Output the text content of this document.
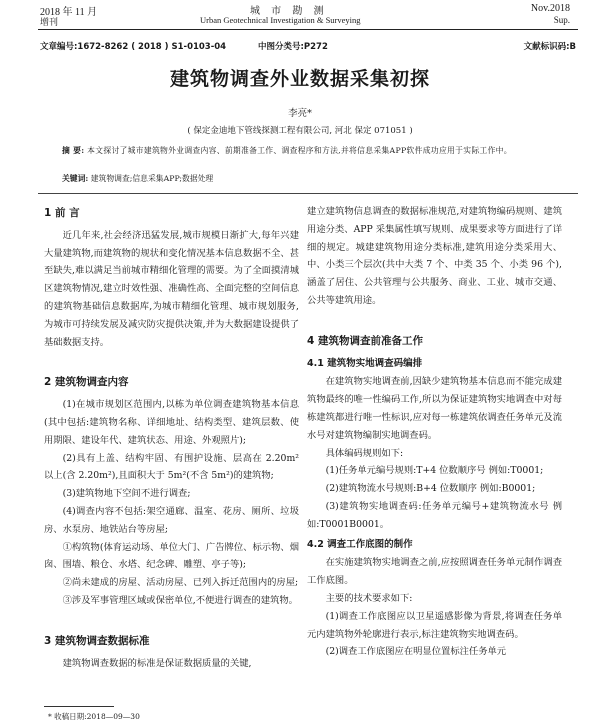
2018 年 11 月
增刊
城 市 勘 测
Urban Geotechnical Investigation & Surveying
Nov.2018
Sup.
文章编号:1672-8262 ( 2018 ) S1-0103-04	中图分类号:P272	文献标识码:B
建筑物调查外业数据采集初探
李亮*
( 保定金迪地下管线探测工程有限公司, 河北 保定 071051 )
摘 要: 本文探讨了城市建筑物外业调查内容、前期准备工作、调查程序和方法,并将信息采集APP软件成功应用于实际工作中。
关键词: 建筑物调查;信息采集APP;数据处理
1 前 言

近几年来,社会经济迅猛发展,城市规模日渐扩大,每年兴建大量建筑物,而建筑物的规状和变化情况基本信息数据不全、甚至缺失,难以满足当前城市精细化管理的需要。为了全面摸清城区建筑物情况,建立时效性强、准确性高、全面完整的空间信息的建筑物基础信息数据库,为城市精细化管理、城市规划服务,为城市可持续发展及减灾防灾提供决策,并为大数据建设提供了基础数据支持。

2 建筑物调查内容

(1)在城市规划区范围内,以栋为单位调查建筑物基本信息(其中包括:建筑物名称、详细地址、结构类型、建筑层数、使用期限、建设年代、建筑状态、用途、外观照片);

(2)具有上盖、结构牢固、有围护设施、层高在 2.20m² 以上(含 2.20m²),且面积大于 5m²(不含 5m²)的建筑物;

(3)建筑物地下空间不进行调查;

(4)调查内容不包括:架空通廊、温室、花房、厕所、垃圾房、水泵房、地铁站台等房屋;

①构筑物(体育运动场、单位大门、广告牌位、标示物、烟囱、围墙、粮仓、水塔、纪念碑、雕塑、亭子等);

②尚未建成的房屋、活动房屋、已列入拆迁范围内的房屋;

③涉及军事管理区域或保密单位,不便进行调查的建筑物。

3 建筑物调查数据标准

建筑物调查数据的标准是保证数据质量的关键,

建立建筑物信息调查的数据标准规范,对建筑物编码规则、建筑用途分类、APP 采集属性填写规则、成果要求等方面进行了详细的规定。城建建筑物用途分类标准,建筑用途分类采用大、中、小类三个层次(共中大类 7 个、中类 35 个、小类 96 个),涵盖了居住、公共管理与公共服务、商业、工业、城市交通、公共等建筑用途。

4 建筑物调查前准备工作
4.1 建筑物实地调查码编排

在建筑物实地调查前,因缺少建筑物基本信息而不能完成建筑物最终的唯一性编码工作,所以为保证建筑物实地调查中对每栋建筑都进行唯一性标识,应对每一栋建筑依调查任务单元及流水号对建筑物编制实地调查码。

具体编码规则如下:

(1)任务单元编号规则:T+4 位数顺序号 例如:T0001;

(2)建筑物流水号规则:B+4 位数顺序 例如:B0001;

(3)建筑物实地调查码:任务单元编号+建筑物流水号 例如:T0001B0001。

4.2 调查工作底图的制作

在实施建筑物实地调查之前,应按照调查任务单元制作调查工作底图。

主要的技术要求如下:

(1)调查工作底图应以卫星遥感影像为背景,将调查任务单元内建筑物外轮廓进行表示,标注建筑物实地调查码。

(2)调查工作底图应在明显位置标注任务单元

* 收稿日期:2018—09—30
